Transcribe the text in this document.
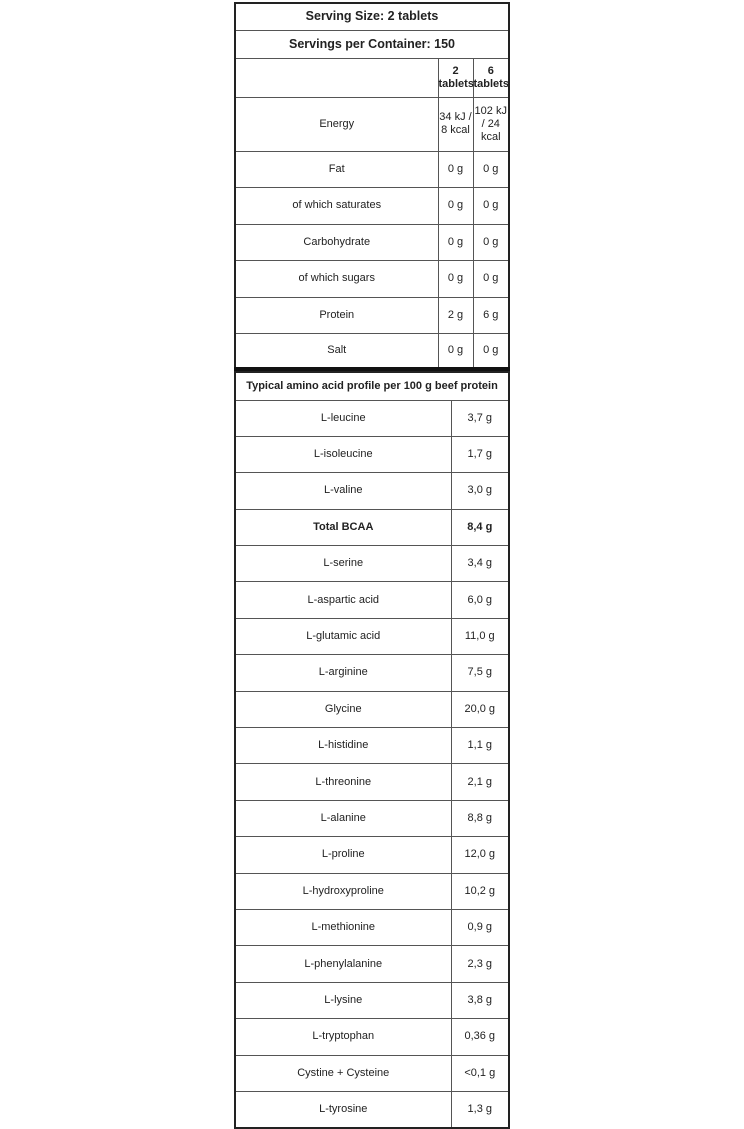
Serving Size: 2 tablets		
Servings per Container: 150		
	2 tablets	6 tablets
Energy	34 kJ / 8 kcal	102 kJ / 24 kcal
Fat	0 g	0 g
of which saturates	0 g	0 g
Carbohydrate	0 g	0 g
of which sugars	0 g	0 g
Protein	2 g	6 g
Salt	0 g	0 g
Typical amino acid profile per 100 g beef protein	
L-leucine	3,7 g
L-isoleucine	1,7 g
L-valine	3,0 g
Total BCAA	8,4 g
L-serine	3,4 g
L-aspartic acid	6,0 g
L-glutamic acid	11,0 g
L-arginine	7,5 g
Glycine	20,0 g
L-histidine	1,1 g
L-threonine	2,1 g
L-alanine	8,8 g
L-proline	12,0 g
L-hydroxyproline	10,2 g
L-methionine	0,9 g
L-phenylalanine	2,3 g
L-lysine	3,8 g
L-tryptophan	0,36 g
Cystine + Cysteine	<0,1 g
L-tyrosine	1,3 g
